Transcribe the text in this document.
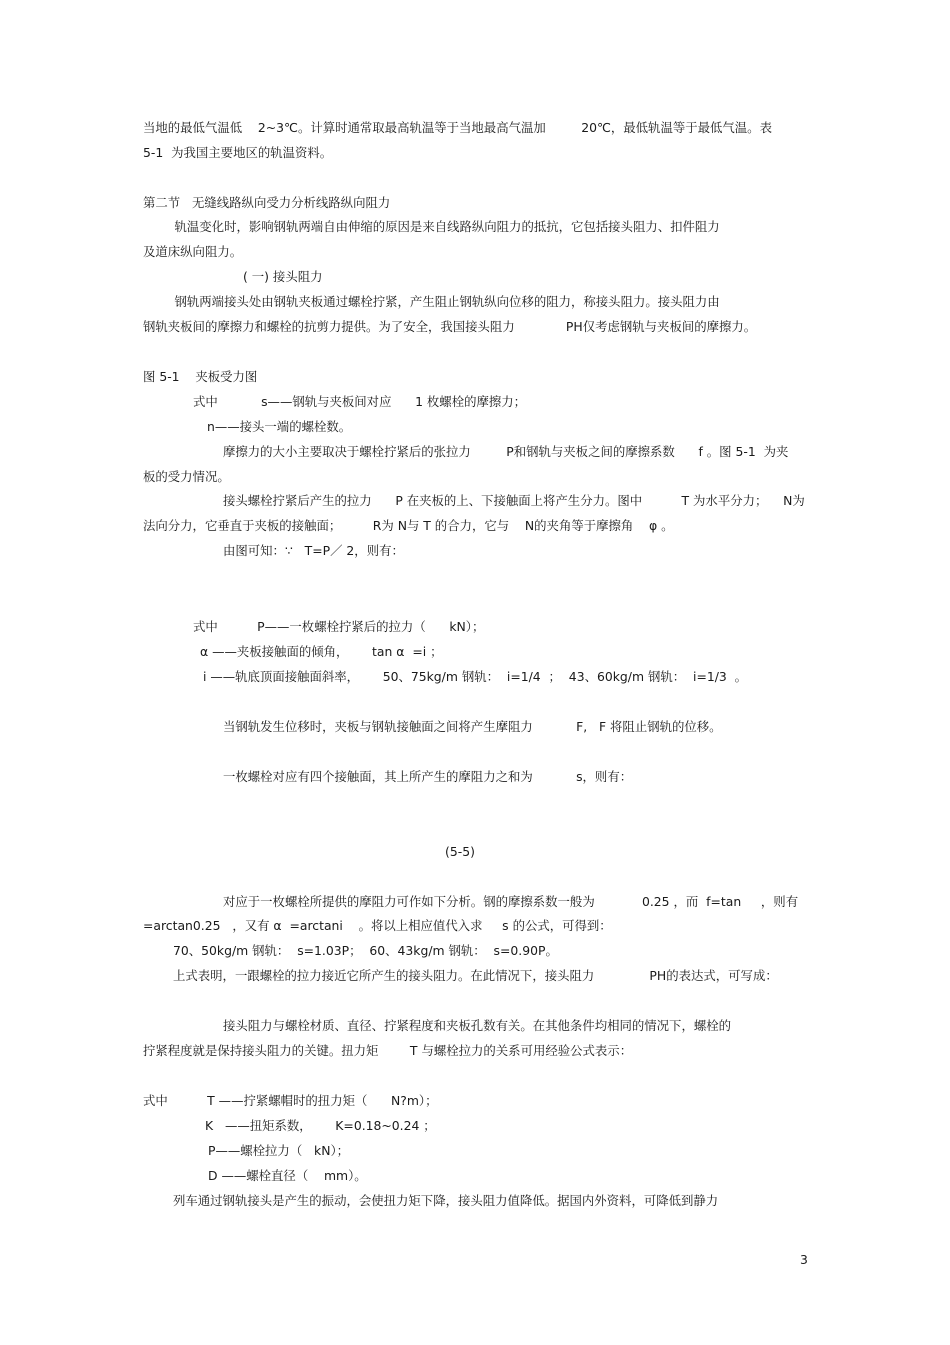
当地的最低气温低    2~3℃。计算时通常取最高轨温等于当地最高气温加         20℃，最低轨温等于最低气温。表
5-1  为我国主要地区的轨温资料。
第二节   无缝线路纵向受力分析线路纵向阻力
轨温变化时，影响钢轨两端自由伸缩的原因是来自线路纵向阻力的抵抗，它包括接头阻力、扣件阻力
及道床纵向阻力。
( 一) 接头阻力
钢轨两端接头处由钢轨夹板通过螺栓拧紧，产生阻止钢轨纵向位移的阻力，称接头阻力。接头阻力由
钢轨夹板间的摩擦力和螺栓的抗剪力提供。为了安全，我国接头阻力             PH仅考虑钢轨与夹板间的摩擦力。
图 5-1    夹板受力图
式中           s——钢轨与夹板间对应      1 枚螺栓的摩擦力；
n——接头一端的螺栓数。
摩擦力的大小主要取决于螺栓拧紧后的张拉力         P和钢轨与夹板之间的摩擦系数      f 。图 5-1  为夹
板的受力情况。
接头螺栓拧紧后产生的拉力      P 在夹板的上、下接触面上将产生分力。图中          T 为水平分力；    N为
法向分力，它垂直于夹板的接触面；        R为 N与 T 的合力，它与    N的夹角等于摩擦角    φ 。
由图可知：∵   T=P／ 2，则有：
式中          P——一枚螺栓拧紧后的拉力（      kN）；
α ——夹板接触面的倾角，      tan α  =i ；
i ——轨底顶面接触面斜率，      50、75kg/m 钢轨：  i=1/4  ；  43、60kg/m 钢轨：  i=1/3  。
当钢轨发生位移时，夹板与钢轨接触面之间将产生摩阻力           F,   F 将阻止钢轨的位移。
一枚螺栓对应有四个接触面，其上所产生的摩阻力之和为           s，则有：
(5-5)
对应于一枚螺栓所提供的摩阻力可作如下分析。钢的摩擦系数一般为            0.25 ，而  f=tan     ，则有
=arctan0.25   ，又有 α  =arctani    。将以上相应值代入求     s 的公式，可得到：
70、50kg/m 钢轨：  s=1.03P；  60、43kg/m 钢轨：  s=0.90P。
上式表明，一跟螺栓的拉力接近它所产生的接头阻力。在此情况下，接头阻力              PH的表达式，可写成：
接头阻力与螺栓材质、直径、拧紧程度和夹板孔数有关。在其他条件均相同的情况下，螺栓的
拧紧程度就是保持接头阻力的关键。扭力矩        T 与螺栓拉力的关系可用经验公式表示：
式中          T ——拧紧螺帽时的扭力矩（      N?m）；
K   ——扭矩系数，      K=0.18~0.24 ；
P——螺栓拉力（   kN）；
D ——螺栓直径（    mm）。
列车通过钢轨接头是产生的振动，会使扭力矩下降，接头阻力值降低。据国内外资料，可降低到静力
3
